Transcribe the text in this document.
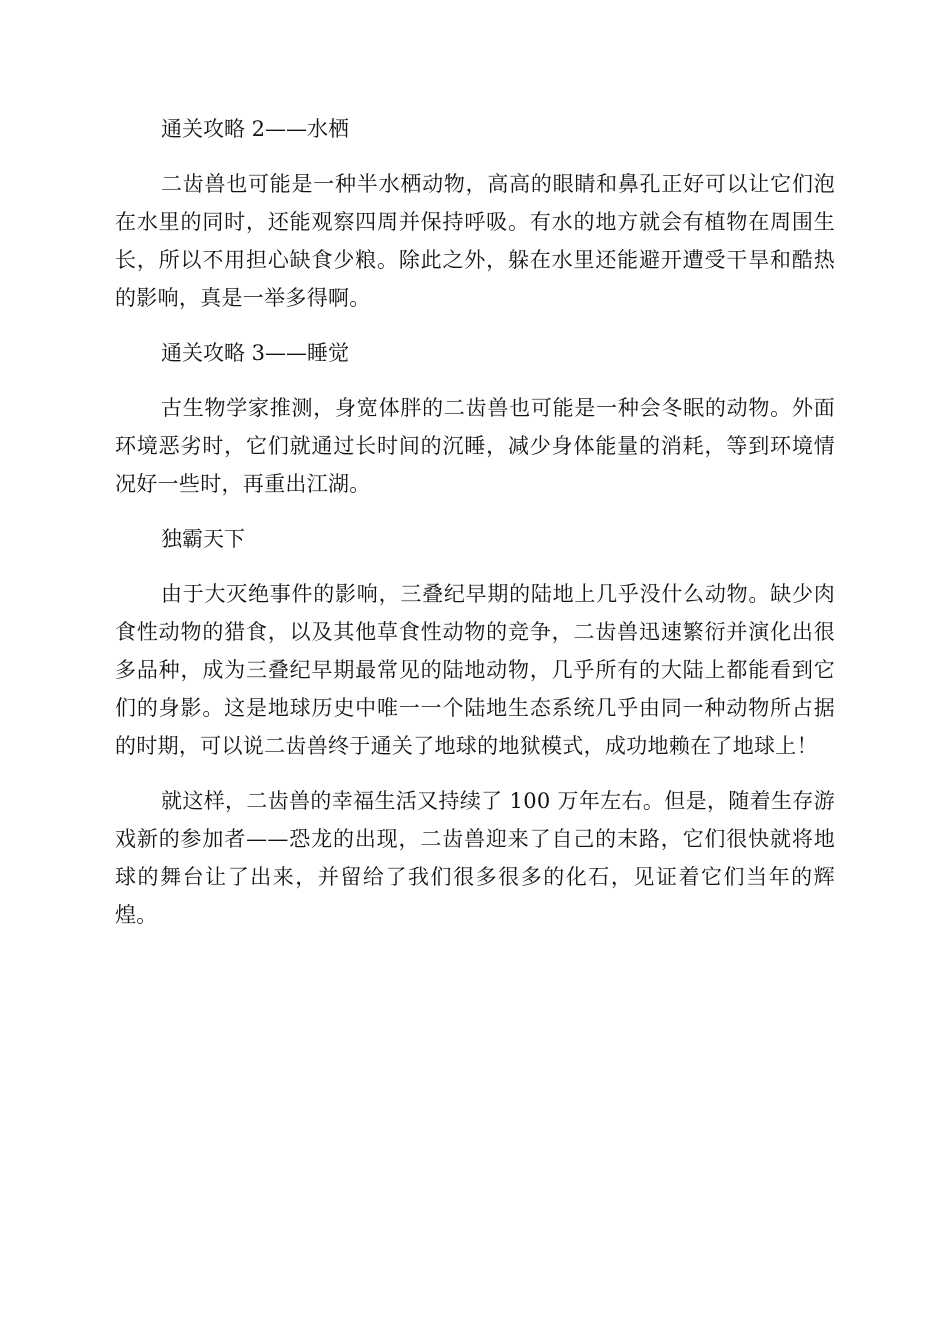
通关攻略 2——水栖

二齿兽也可能是一种半水栖动物，高高的眼睛和鼻孔正好可以让它们泡在水里的同时，还能观察四周并保持呼吸。有水的地方就会有植物在周围生长，所以不用担心缺食少粮。除此之外，躲在水里还能避开遭受干旱和酷热的影响，真是一举多得啊。

通关攻略 3——睡觉

古生物学家推测，身宽体胖的二齿兽也可能是一种会冬眠的动物。外面环境恶劣时，它们就通过长时间的沉睡，减少身体能量的消耗，等到环境情况好一些时，再重出江湖。

独霸天下

由于大灭绝事件的影响，三叠纪早期的陆地上几乎没什么动物。缺少肉食性动物的猎食，以及其他草食性动物的竞争，二齿兽迅速繁衍并演化出很多品种，成为三叠纪早期最常见的陆地动物，几乎所有的大陆上都能看到它们的身影。这是地球历史中唯一一个陆地生态系统几乎由同一种动物所占据的时期，可以说二齿兽终于通关了地球的地狱模式，成功地赖在了地球上！

就这样，二齿兽的幸福生活又持续了 100 万年左右。但是，随着生存游戏新的参加者——恐龙的出现，二齿兽迎来了自己的末路，它们很快就将地球的舞台让了出来，并留给了我们很多很多的化石，见证着它们当年的辉煌。
